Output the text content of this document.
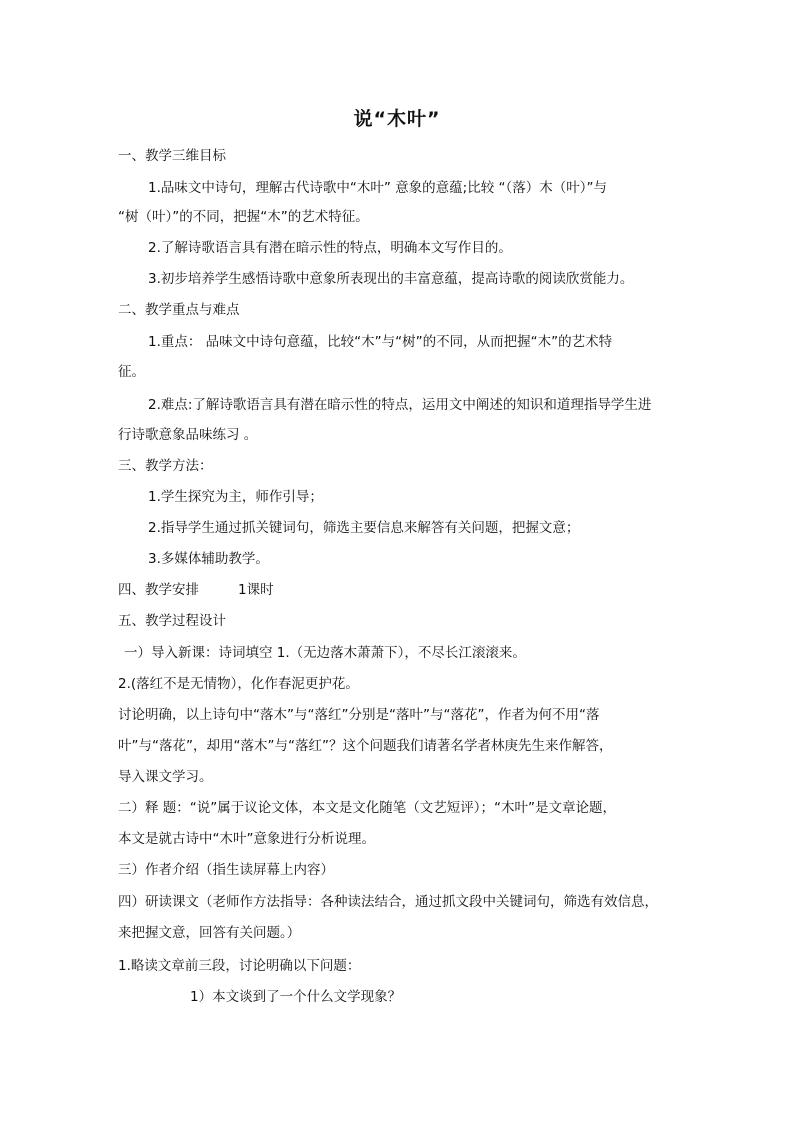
说“木叶”
一、教学三维目标
1.品味文中诗句，理解古代诗歌中“木叶” 意象的意蕴;比较 “（落）木（叶）”与
“树（叶）”的不同，把握“木”的艺术特征。
2.了解诗歌语言具有潜在暗示性的特点，明确本文写作目的。
3.初步培养学生感悟诗歌中意象所表现出的丰富意蕴，提高诗歌的阅读欣赏能力。
二、教学重点与难点
1.重点： 品味文中诗句意蕴，比较“木”与“树”的不同，从而把握“木”的艺术特
征。
2.难点:了解诗歌语言具有潜在暗示性的特点，运用文中阐述的知识和道理指导学生进
行诗歌意象品味练习 。
三、教学方法：
1.学生探究为主，师作引导；
2.指导学生通过抓关键词句，筛选主要信息来解答有关问题，把握文意；
3.多媒体辅助教学。
四、教学安排	1课时
五、教学过程设计
一）导入新课：诗词填空 1.（无边落木萧萧下），不尽长江滚滚来。
2.(落红不是无情物），化作春泥更护花。
讨论明确，以上诗句中“落木”与“落红”分别是“落叶”与“落花”，作者为何不用“落
叶”与“落花”，却用“落木”与“落红”？这个问题我们请著名学者林庚先生来作解答，
导入课文学习。
二）释 题：“说”属于议论文体，本文是文化随笔（文艺短评）；“木叶”是文章论题，
本文是就古诗中“木叶”意象进行分析说理。
三）作者介绍（指生读屏幕上内容）
四）研读课文（老师作方法指导：各种读法结合，通过抓文段中关键词句，筛选有效信息，
来把握文意，回答有关问题。）
1.略读文章前三段，讨论明确以下问题：
1）本文谈到了一个什么文学现象？
